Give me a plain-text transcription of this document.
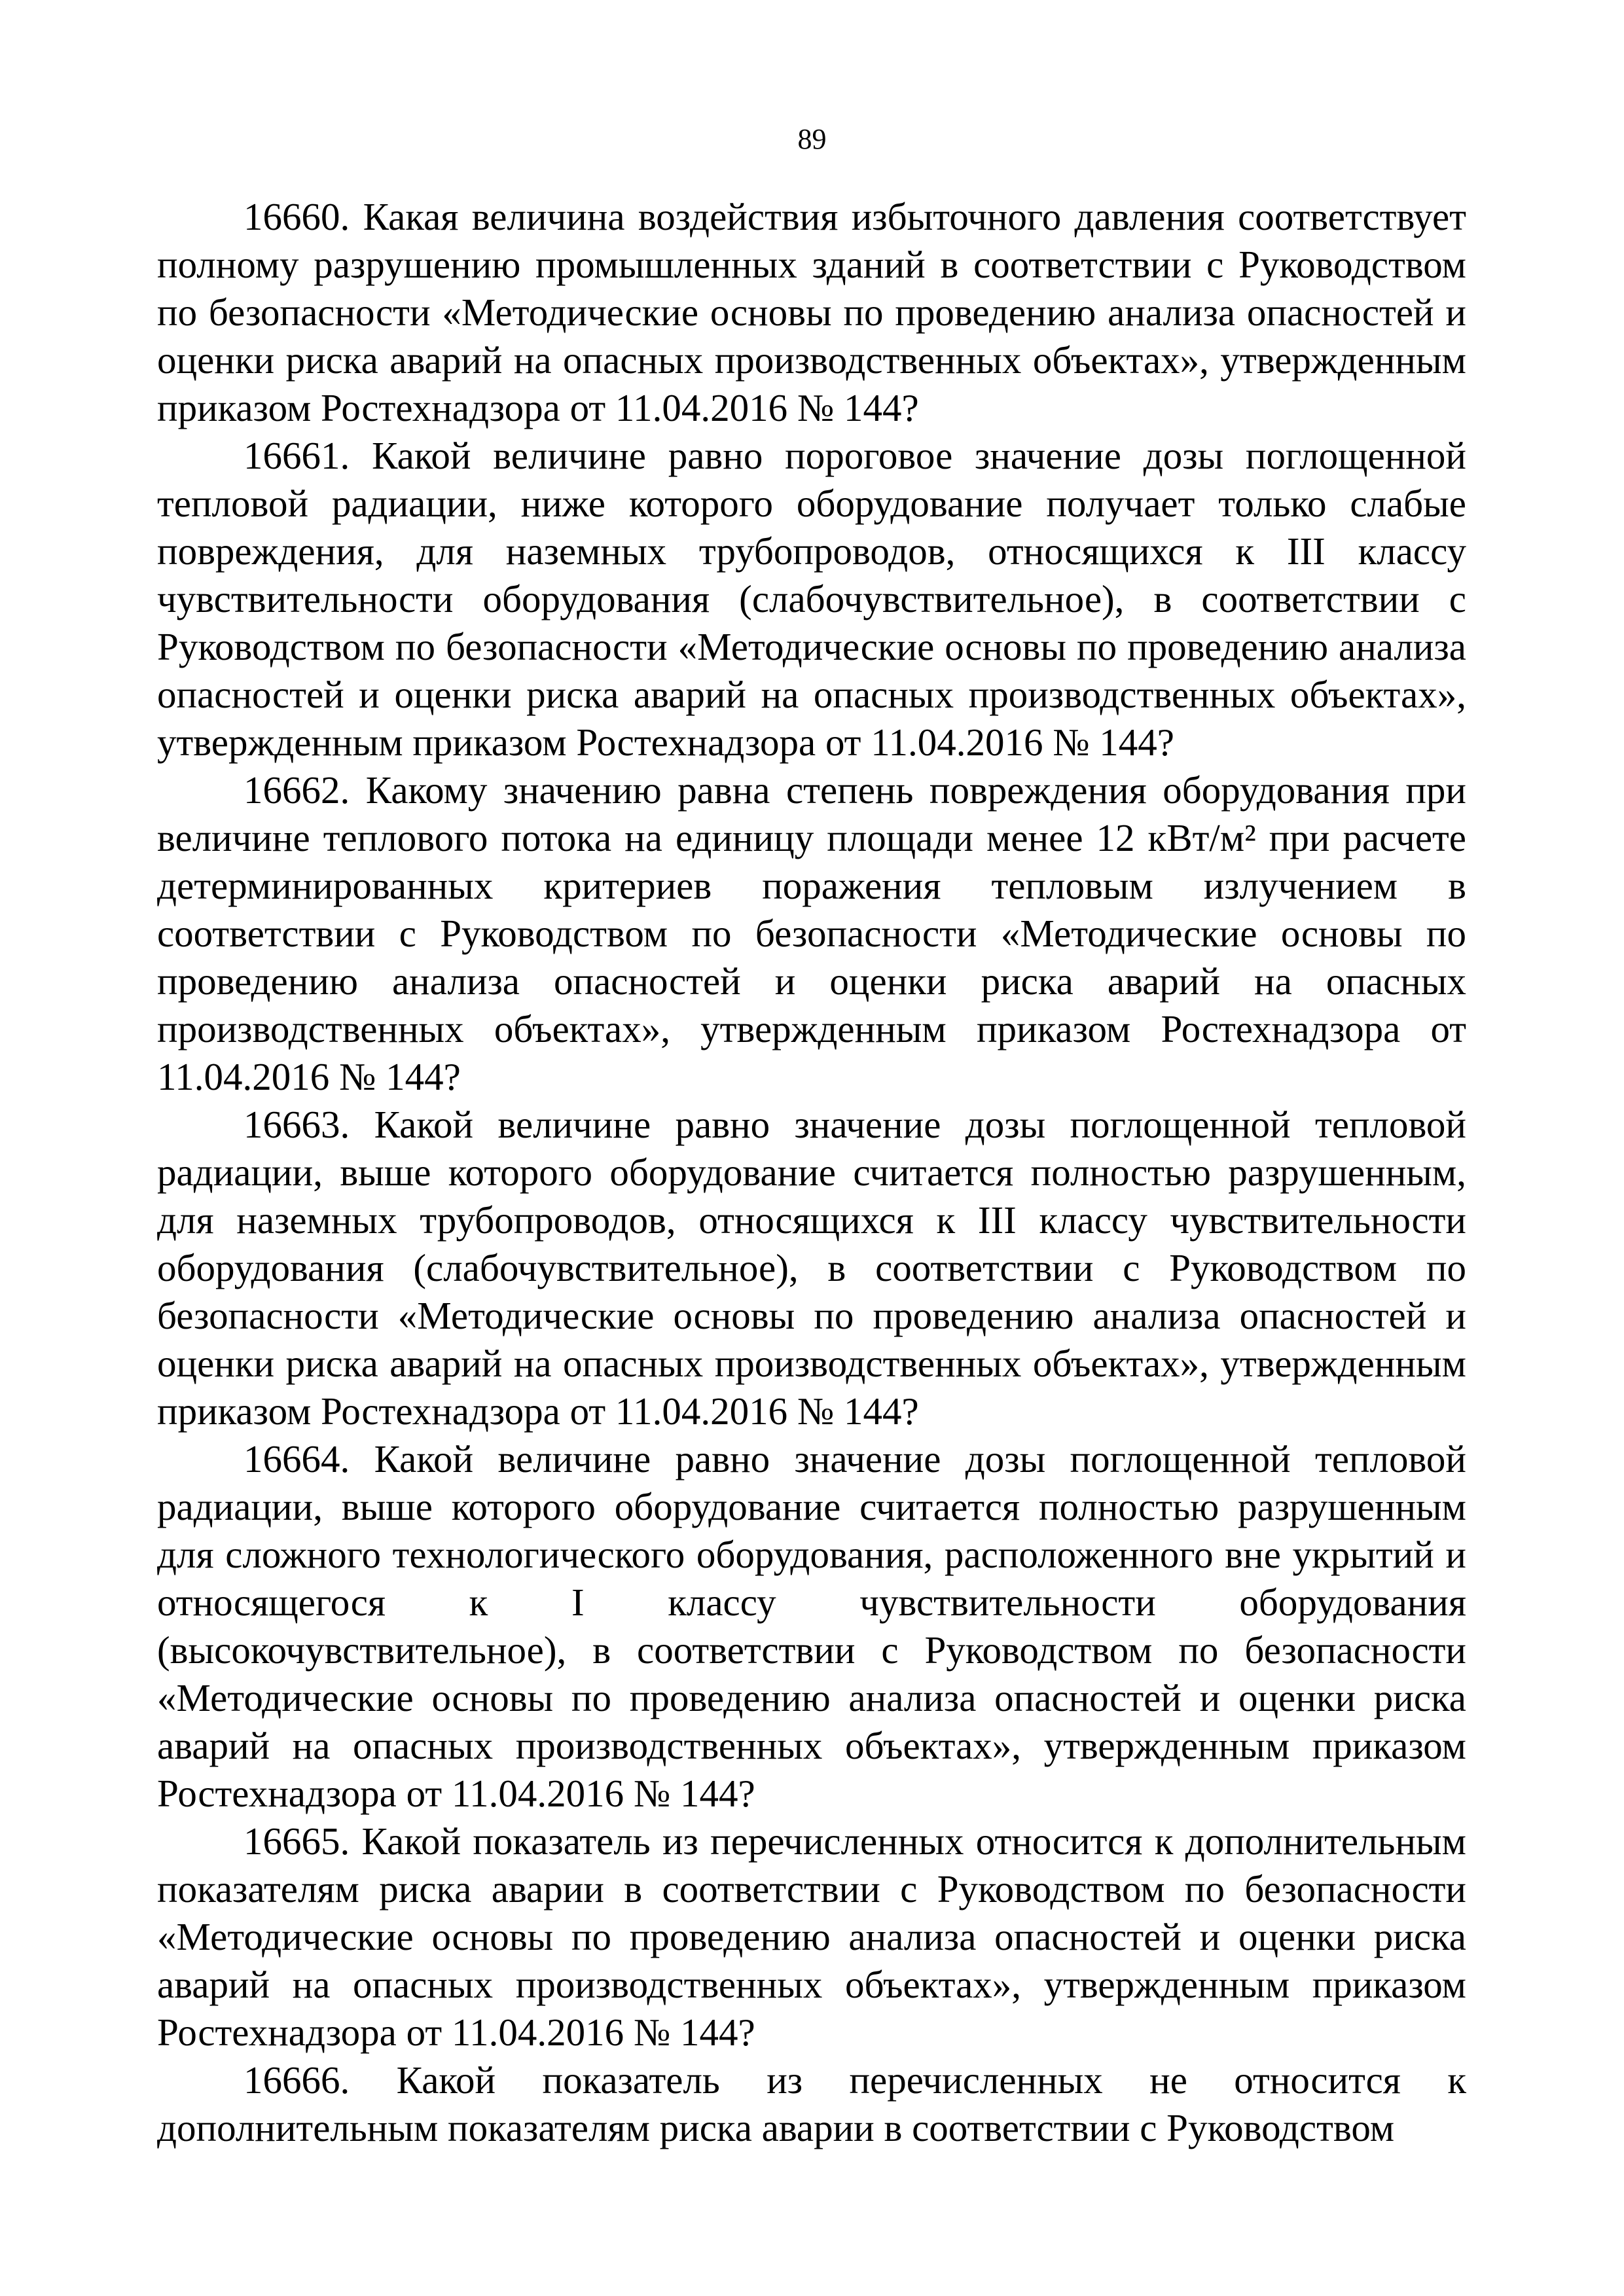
89

16660. Какая величина воздействия избыточного давления соответствует полному разрушению промышленных зданий в соответствии с Руководством по безопасности «Методические основы по проведению анализа опасностей и оценки риска аварий на опасных производственных объектах», утвержденным приказом Ростехнадзора от 11.04.2016 № 144?

16661. Какой величине равно пороговое значение дозы поглощенной тепловой радиации, ниже которого оборудование получает только слабые повреждения, для наземных трубопроводов, относящихся к III классу чувствительности оборудования (слабочувствительное), в соответствии с Руководством по безопасности «Методические основы по проведению анализа опасностей и оценки риска аварий на опасных производственных объектах», утвержденным приказом Ростехнадзора от 11.04.2016 № 144?

16662. Какому значению равна степень повреждения оборудования при величине теплового потока на единицу площади менее 12 кВт/м² при расчете детерминированных критериев поражения тепловым излучением в соответствии с Руководством по безопасности «Методические основы по проведению анализа опасностей и оценки риска аварий на опасных производственных объектах», утвержденным приказом Ростехнадзора от 11.04.2016 № 144?

16663. Какой величине равно значение дозы поглощенной тепловой радиации, выше которого оборудование считается полностью разрушенным, для наземных трубопроводов, относящихся к III классу чувствительности оборудования (слабочувствительное), в соответствии с Руководством по безопасности «Методические основы по проведению анализа опасностей и оценки риска аварий на опасных производственных объектах», утвержденным приказом Ростехнадзора от 11.04.2016 № 144?

16664. Какой величине равно значение дозы поглощенной тепловой радиации, выше которого оборудование считается полностью разрушенным для сложного технологического оборудования, расположенного вне укрытий и относящегося к I классу чувствительности оборудования (высокочувствительное), в соответствии с Руководством по безопасности «Методические основы по проведению анализа опасностей и оценки риска аварий на опасных производственных объектах», утвержденным приказом Ростехнадзора от 11.04.2016 № 144?

16665. Какой показатель из перечисленных относится к дополнительным показателям риска аварии в соответствии с Руководством по безопасности «Методические основы по проведению анализа опасностей и оценки риска аварий на опасных производственных объектах», утвержденным приказом Ростехнадзора от 11.04.2016 № 144?

16666. Какой показатель из перечисленных не относится к дополнительным показателям риска аварии в соответствии с Руководством
